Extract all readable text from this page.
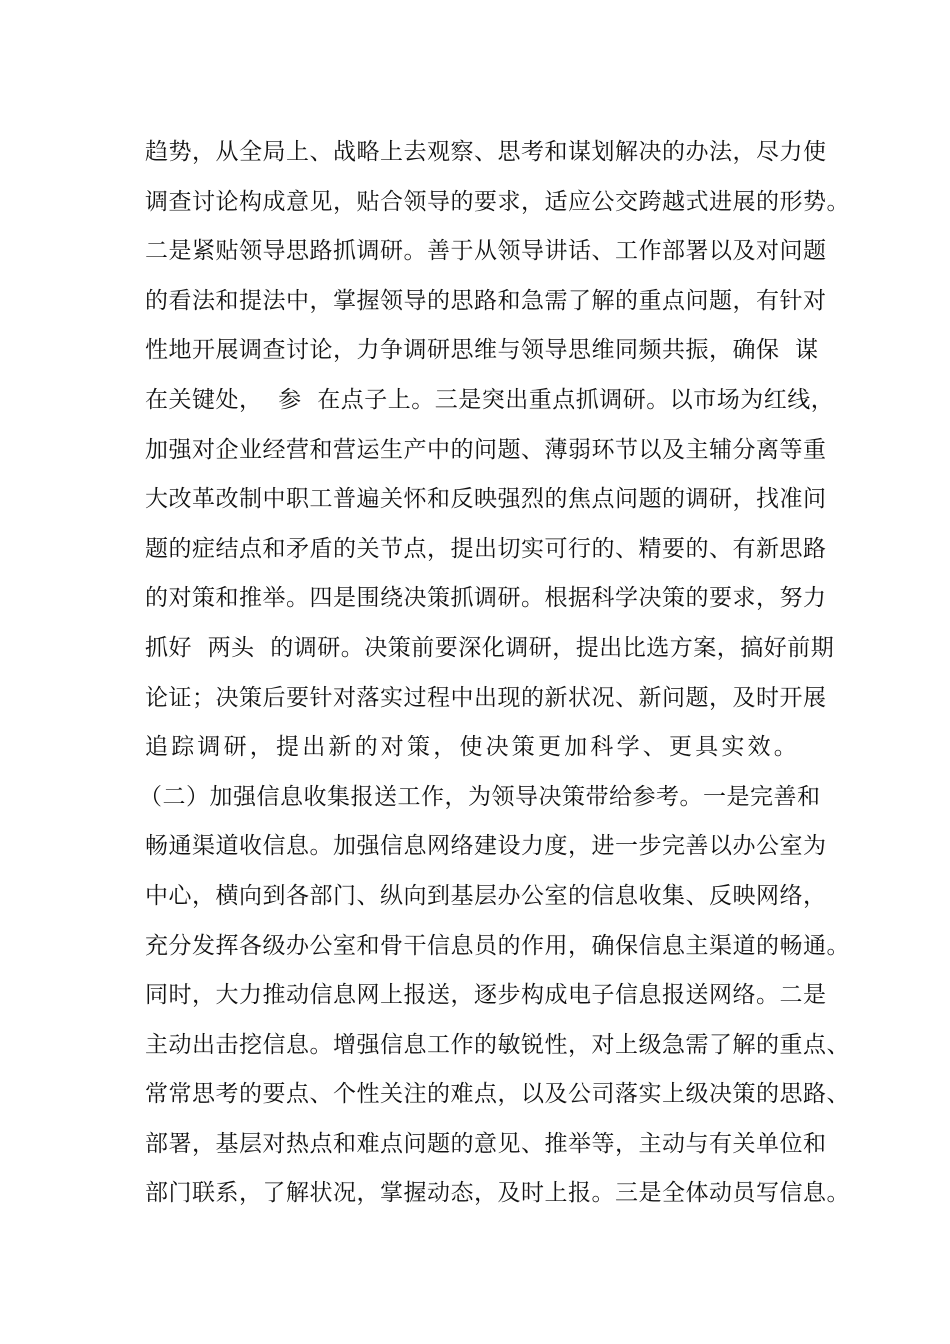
趋势，从全局上、战略上去观察、思考和谋划解决的办法，尽力使
调查讨论构成意见，贴合领导的要求，适应公交跨越式进展的形势。
二是紧贴领导思路抓调研。善于从领导讲话、工作部署以及对问题
的看法和提法中，掌握领导的思路和急需了解的重点问题，有针对
性地开展调查讨论，力争调研思维与领导思维同频共振，确保  谋
在关键处，  参  在点子上。三是突出重点抓调研。以市场为红线，
加强对企业经营和营运生产中的问题、薄弱环节以及主辅分离等重
大改革改制中职工普遍关怀和反映强烈的焦点问题的调研，找准问
题的症结点和矛盾的关节点，提出切实可行的、精要的、有新思路
的对策和推举。四是围绕决策抓调研。根据科学决策的要求，努力
抓好  两头  的调研。决策前要深化调研，提出比选方案，搞好前期
论证；决策后要针对落实过程中出现的新状况、新问题，及时开展
追踪调研，提出新的对策，使决策更加科学、更具实效。
（二）加强信息收集报送工作，为领导决策带给参考。一是完善和
畅通渠道收信息。加强信息网络建设力度，进一步完善以办公室为
中心，横向到各部门、纵向到基层办公室的信息收集、反映网络，
充分发挥各级办公室和骨干信息员的作用，确保信息主渠道的畅通。
同时，大力推动信息网上报送，逐步构成电子信息报送网络。二是
主动出击挖信息。增强信息工作的敏锐性，对上级急需了解的重点、
常常思考的要点、个性关注的难点，以及公司落实上级决策的思路、
部署，基层对热点和难点问题的意见、推举等，主动与有关单位和
部门联系，了解状况，掌握动态，及时上报。三是全体动员写信息。
